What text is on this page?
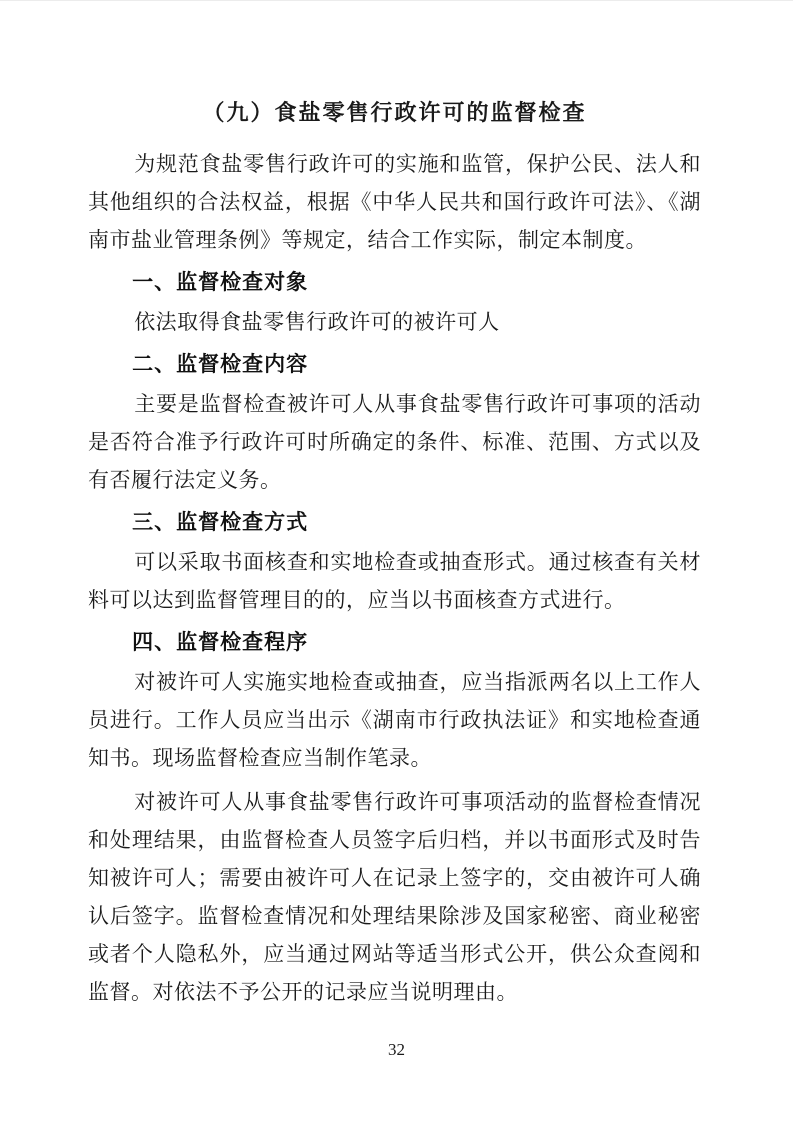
（九）食盐零售行政许可的监督检查

为规范食盐零售行政许可的实施和监管，保护公民、法人和其他组织的合法权益，根据《中华人民共和国行政许可法》、《湖南市盐业管理条例》等规定，结合工作实际，制定本制度。

一、监督检查对象

依法取得食盐零售行政许可的被许可人

二、监督检查内容

主要是监督检查被许可人从事食盐零售行政许可事项的活动是否符合准予行政许可时所确定的条件、标准、范围、方式以及有否履行法定义务。

三、监督检查方式

可以采取书面核查和实地检查或抽查形式。通过核查有关材料可以达到监督管理目的的，应当以书面核查方式进行。

四、监督检查程序

对被许可人实施实地检查或抽查，应当指派两名以上工作人员进行。工作人员应当出示《湖南市行政执法证》和实地检查通知书。现场监督检查应当制作笔录。

对被许可人从事食盐零售行政许可事项活动的监督检查情况和处理结果，由监督检查人员签字后归档，并以书面形式及时告知被许可人；需要由被许可人在记录上签字的，交由被许可人确认后签字。监督检查情况和处理结果除涉及国家秘密、商业秘密或者个人隐私外，应当通过网站等适当形式公开，供公众查阅和监督。对依法不予公开的记录应当说明理由。

32
